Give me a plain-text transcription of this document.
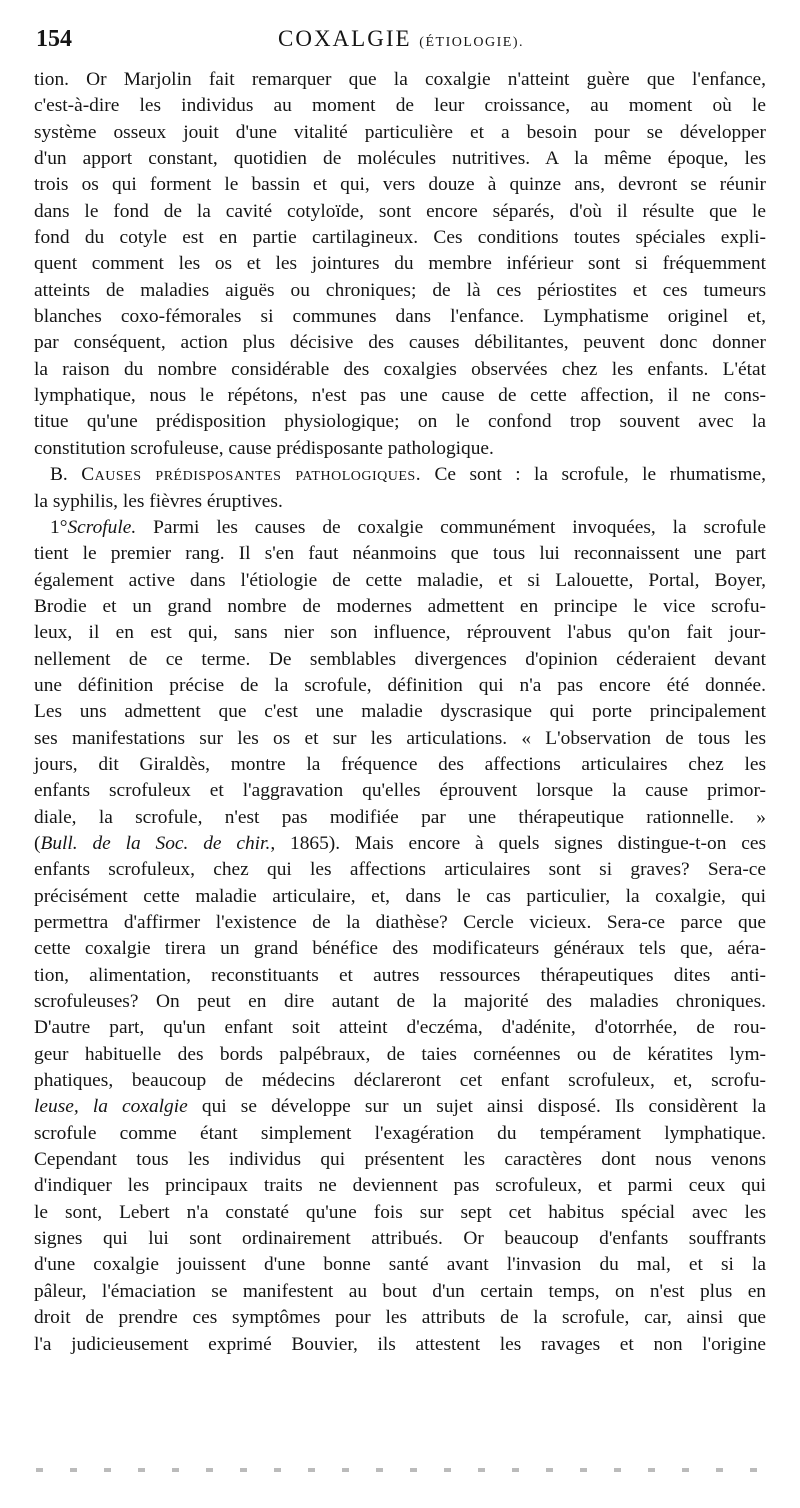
154	COXALGIE (ÉTIOLOGIE).
tion. Or Marjolin fait remarquer que la coxalgie n'atteint guère que l'enfance,
c'est-à-dire les individus au moment de leur croissance, au moment où le
système osseux jouit d'une vitalité particulière et a besoin pour se développer
d'un apport constant, quotidien de molécules nutritives. A la même époque, les
trois os qui forment le bassin et qui, vers douze à quinze ans, devront se réunir
dans le fond de la cavité cotyloïde, sont encore séparés, d'où il résulte que le
fond du cotyle est en partie cartilagineux. Ces conditions toutes spéciales expli-
quent comment les os et les jointures du membre inférieur sont si fréquemment
atteints de maladies aiguës ou chroniques; de là ces périostites et ces tumeurs
blanches coxo-fémorales si communes dans l'enfance. Lymphatisme originel et,
par conséquent, action plus décisive des causes débilitantes, peuvent donc donner
la raison du nombre considérable des coxalgies observées chez les enfants. L'état
lymphatique, nous le répétons, n'est pas une cause de cette affection, il ne cons-
titue qu'une prédisposition physiologique; on le confond trop souvent avec la
constitution scrofuleuse, cause prédisposante pathologique.
B. Causes prédisposantes pathologiques. Ce sont : la scrofule, le rhumatisme,
la syphilis, les fièvres éruptives.
1°Scrofule. Parmi les causes de coxalgie communément invoquées, la scrofule
tient le premier rang. Il s'en faut néanmoins que tous lui reconnaissent une part
également active dans l'étiologie de cette maladie, et si Lalouette, Portal, Boyer,
Brodie et un grand nombre de modernes admettent en principe le vice scrofu-
leux, il en est qui, sans nier son influence, réprouvent l'abus qu'on fait jour-
nellement de ce terme. De semblables divergences d'opinion céderaient devant
une définition précise de la scrofule, définition qui n'a pas encore été donnée.
Les uns admettent que c'est une maladie dyscrasique qui porte principalement
ses manifestations sur les os et sur les articulations. « L'observation de tous les
jours, dit Giraldès, montre la fréquence des affections articulaires chez les
enfants scrofuleux et l'aggravation qu'elles éprouvent lorsque la cause primor-
diale, la scrofule, n'est pas modifiée par une thérapeutique rationnelle. »
(Bull. de la Soc. de chir., 1865). Mais encore à quels signes distingue-t-on ces
enfants scrofuleux, chez qui les affections articulaires sont si graves? Sera-ce
précisément cette maladie articulaire, et, dans le cas particulier, la coxalgie, qui
permettra d'affirmer l'existence de la diathèse? Cercle vicieux. Sera-ce parce que
cette coxalgie tirera un grand bénéfice des modificateurs généraux tels que, aéra-
tion, alimentation, reconstituants et autres ressources thérapeutiques dites anti-
scrofuleuses? On peut en dire autant de la majorité des maladies chroniques.
D'autre part, qu'un enfant soit atteint d'eczéma, d'adénite, d'otorrhée, de rou-
geur habituelle des bords palpébraux, de taies cornéennes ou de kératites lym-
phatiques, beaucoup de médecins déclareront cet enfant scrofuleux, et, scrofu-
leuse, la coxalgie qui se développe sur un sujet ainsi disposé. Ils considèrent la
scrofule comme étant simplement l'exagération du tempérament lymphatique.
Cependant tous les individus qui présentent les caractères dont nous venons
d'indiquer les principaux traits ne deviennent pas scrofuleux, et parmi ceux qui
le sont, Lebert n'a constaté qu'une fois sur sept cet habitus spécial avec les
signes qui lui sont ordinairement attribués. Or beaucoup d'enfants souffrants
d'une coxalgie jouissent d'une bonne santé avant l'invasion du mal, et si la
pâleur, l'émaciation se manifestent au bout d'un certain temps, on n'est plus en
droit de prendre ces symptômes pour les attributs de la scrofule, car, ainsi que
l'a judicieusement exprimé Bouvier, ils attestent les ravages et non l'origine
